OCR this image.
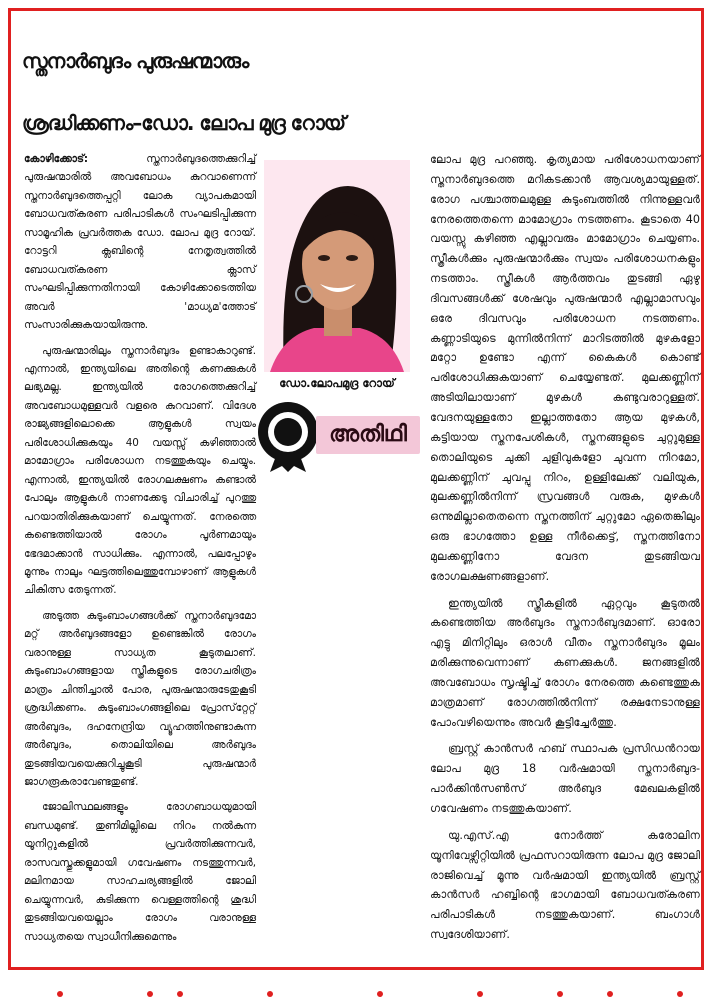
സ്തനാർബുദം പുരുഷന്മാരും
ശ്രദ്ധിക്കണം–ഡോ. ലോപ മുദ്ര റോയ്

കോഴിക്കോട്:	സ്തനാർബുദത്തെക്കുറിച്ച് പുരുഷന്മാരിൽ അവബോധം കുറവാണെന്ന് സ്തനാർബുദത്തെപ്പറ്റി ലോക വ്യാപകമായി ബോധവത്കരണ പരിപാടികൾ സംഘടിപ്പിക്കുന്ന സാമൂഹിക പ്രവർത്തക ഡോ. ലോപ മുദ്ര റോയ്. റോട്ടറി ക്ലബിന്റെ നേതൃത്വത്തിൽ ബോധവത്കരണ ക്ലാസ് സംഘടിപ്പിക്കുന്നതിനായി കോഴിക്കോടെത്തിയ അവർ 'മാധ്യമ'ത്തോട് സംസാരിക്കുകയായിരുന്നു.

പുരുഷന്മാരിലും സ്തനാർബുദം ഉണ്ടാകാറുണ്ട്. എന്നാൽ, ഇന്ത്യയിലെ അതിന്റെ കണക്കുകൾ ലഭ്യമല്ല. ഇന്ത്യയിൽ രോഗത്തെക്കുറിച്ച് അവബോധമുള്ളവർ വളരെ കുറവാണ്. വിദേശ രാജ്യങ്ങളിലൊക്കെ ആളുകൾ സ്വയം പരിശോധിക്കുകയും 40 വയസ്സ് കഴിഞ്ഞാൽ മാമോഗ്രാം പരിശോധന നടത്തുകയും ചെയ്യും. എന്നാൽ, ഇന്ത്യയിൽ രോഗലക്ഷണം കണ്ടാൽ പോലും ആളുകൾ നാണക്കേടു വിചാരിച്ച് പുറത്തു പറയാതിരിക്കുകയാണ് ചെയ്യുന്നത്. നേരത്തെ കണ്ടെത്തിയാൽ രോഗം പൂർണമായും ഭേദമാക്കാൻ സാധിക്കും. എന്നാൽ, പലപ്പോഴും മൂന്നും നാലും ഘട്ടത്തിലെത്തുമ്പോഴാണ് ആളുകൾ ചികിത്സ തേടുന്നത്.

അടുത്ത കുടുംബാംഗങ്ങൾക്ക് സ്തനാർബുദമോ മറ്റ് അർബുദങ്ങളോ ഉണ്ടെങ്കിൽ രോഗം വരാനുള്ള സാധ്യത കൂടുതലാണ്. കുടുംബാംഗങ്ങളായ സ്ത്രീകളുടെ രോഗചരിത്രം മാത്രം ചിന്തിച്ചാൽ പോര, പുരുഷന്മാരുടേതുകൂടി ശ്രദ്ധിക്കണം. കുടുംബാംഗങ്ങളിലെ പ്രോസ്‌റ്റേറ്റ് അർബുദം, ദഹനേന്ദ്രിയ വ്യൂഹത്തിനുണ്ടാകുന്ന അർബുദം, തൊലിയിലെ അർബുദം തുടങ്ങിയവയെക്കുറിച്ചുകൂടി പുരുഷന്മാർ ജാഗരൂകരാവേണ്ടതുണ്ട്.

ജോലിസ്ഥലങ്ങളും രോഗബാധയുമായി ബന്ധമുണ്ട്. തുണിമില്ലിലെ നിറം നൽകുന്ന യൂനിറ്റുകളിൽ പ്രവർത്തിക്കുന്നവർ, രാസവസ്തുക്കളുമായി ഗവേഷണം നടത്തുന്നവർ, മലിനമായ സാഹചര്യങ്ങളിൽ ജോലി ചെയ്യുന്നവർ, കുടിക്കുന്ന വെള്ളത്തിന്റെ ശുദ്ധി തുടങ്ങിയവയെല്ലാം രോഗം വരാനുള്ള സാധ്യതയെ സ്വാധീനിക്കുമെന്നും

ഡോ.ലോപമുദ്ര റോയ്
അതിഥി

ലോപ മുദ്ര പറഞ്ഞു. കൃത്യമായ പരിശോധനയാണ് സ്തനാർബുദത്തെ മറികടക്കാൻ ആവശ്യമായുള്ളത്. രോഗ പശ്ചാത്തലമുള്ള കുടുംബത്തിൽ നിന്നുള്ളവർ നേരത്തെതന്നെ മാമോഗ്രാം നടത്തണം. കൂടാതെ 40 വയസ്സു കഴിഞ്ഞ എല്ലാവരും മാമോഗ്രാം ചെയ്യണം. സ്ത്രീകൾക്കും പുരുഷന്മാർക്കും സ്വയം പരിശോധനകളും നടത്താം. സ്ത്രീകൾ ആർത്തവം തുടങ്ങി ഏഴു ദിവസങ്ങൾക്ക് ശേഷവും പുരുഷന്മാർ എല്ലാമാസവും ഒരേ ദിവസവും പരിശോധന നടത്തണം. കണ്ണാടിയുടെ മുന്നിൽനിന്ന് മാറിടത്തിൽ മുഴകളോ മറ്റോ ഉണ്ടോ എന്ന് കൈകൾ കൊണ്ട് പരിശോധിക്കുകയാണ് ചെയ്യേണ്ടത്. മുലക്കണ്ണിന് അടിയിലായാണ് മുഴകൾ കണ്ടുവരാറുള്ളത്. വേദനയുള്ളതോ ഇല്ലാത്തതോ ആയ മുഴകൾ, കട്ടിയായ സ്തനപേശികൾ, സ്തനങ്ങളുടെ ചുറ്റുമുള്ള തൊലിയുടെ ചുക്കി ചുളിവുകളോ ചുവന്ന നിറമോ, മുലക്കണ്ണിന് ചുവപ്പു നിറം, ഉള്ളിലേക്ക് വലിയുക, മുലക്കണ്ണിൽനിന്ന് സ്രവങ്ങൾ വരുക, മുഴകൾ ഒന്നുമില്ലാതെതന്നെ സ്തനത്തിന് ചുറ്റുമോ ഏതെങ്കിലും ഒരു ഭാഗത്തോ ഉള്ള നീർക്കെട്ട്, സ്തനത്തിനോ മുലക്കണ്ണിനോ വേദന തുടങ്ങിയവ രോഗലക്ഷണങ്ങളാണ്.

ഇന്ത്യയിൽ സ്ത്രീകളിൽ ഏറ്റവും കൂടുതൽ കണ്ടെത്തിയ അർബുദം സ്തനാർബുദമാണ്. ഓരോ എട്ടു മിനിറ്റിലും ഒരാൾ വീതം സ്തനാർബുദം മൂലം മരിക്കുന്നുവെന്നാണ് കണക്കുകൾ. ജനങ്ങളിൽ അവബോധം സൃഷ്ടിച്ച് രോഗം നേരത്തെ കണ്ടെത്തുക മാത്രമാണ് രോഗത്തിൽനിന്ന് രക്ഷനേടാനുള്ള പോംവഴിയെന്നും അവർ കൂട്ടിച്ചേർത്തു.

ബ്രസ്റ്റ് കാൻസർ ഹബ് സ്ഥാപക പ്രസിഡൻറായ ലോപ മുദ്ര 18 വർഷമായി സ്തനാർബുദ-പാർക്കിൻസൺസ് അർബുദ മേഖലകളിൽ ഗവേഷണം നടത്തുകയാണ്.

യു.എസ്.എ നോർത്ത് കരോലിന യൂനിവേഴ്സിറ്റിയിൽ പ്രഫസറായിരുന്ന ലോപ മുദ്ര ജോലി രാജിവെച്ച് മൂന്നു വർഷമായി ഇന്ത്യയിൽ ബ്രസ്റ്റ് കാൻസർ ഹബ്ബിന്റെ ഭാഗമായി ബോധവത്കരണ പരിപാടികൾ നടത്തുകയാണ്. ബംഗാൾ സ്വദേശിയാണ്.
